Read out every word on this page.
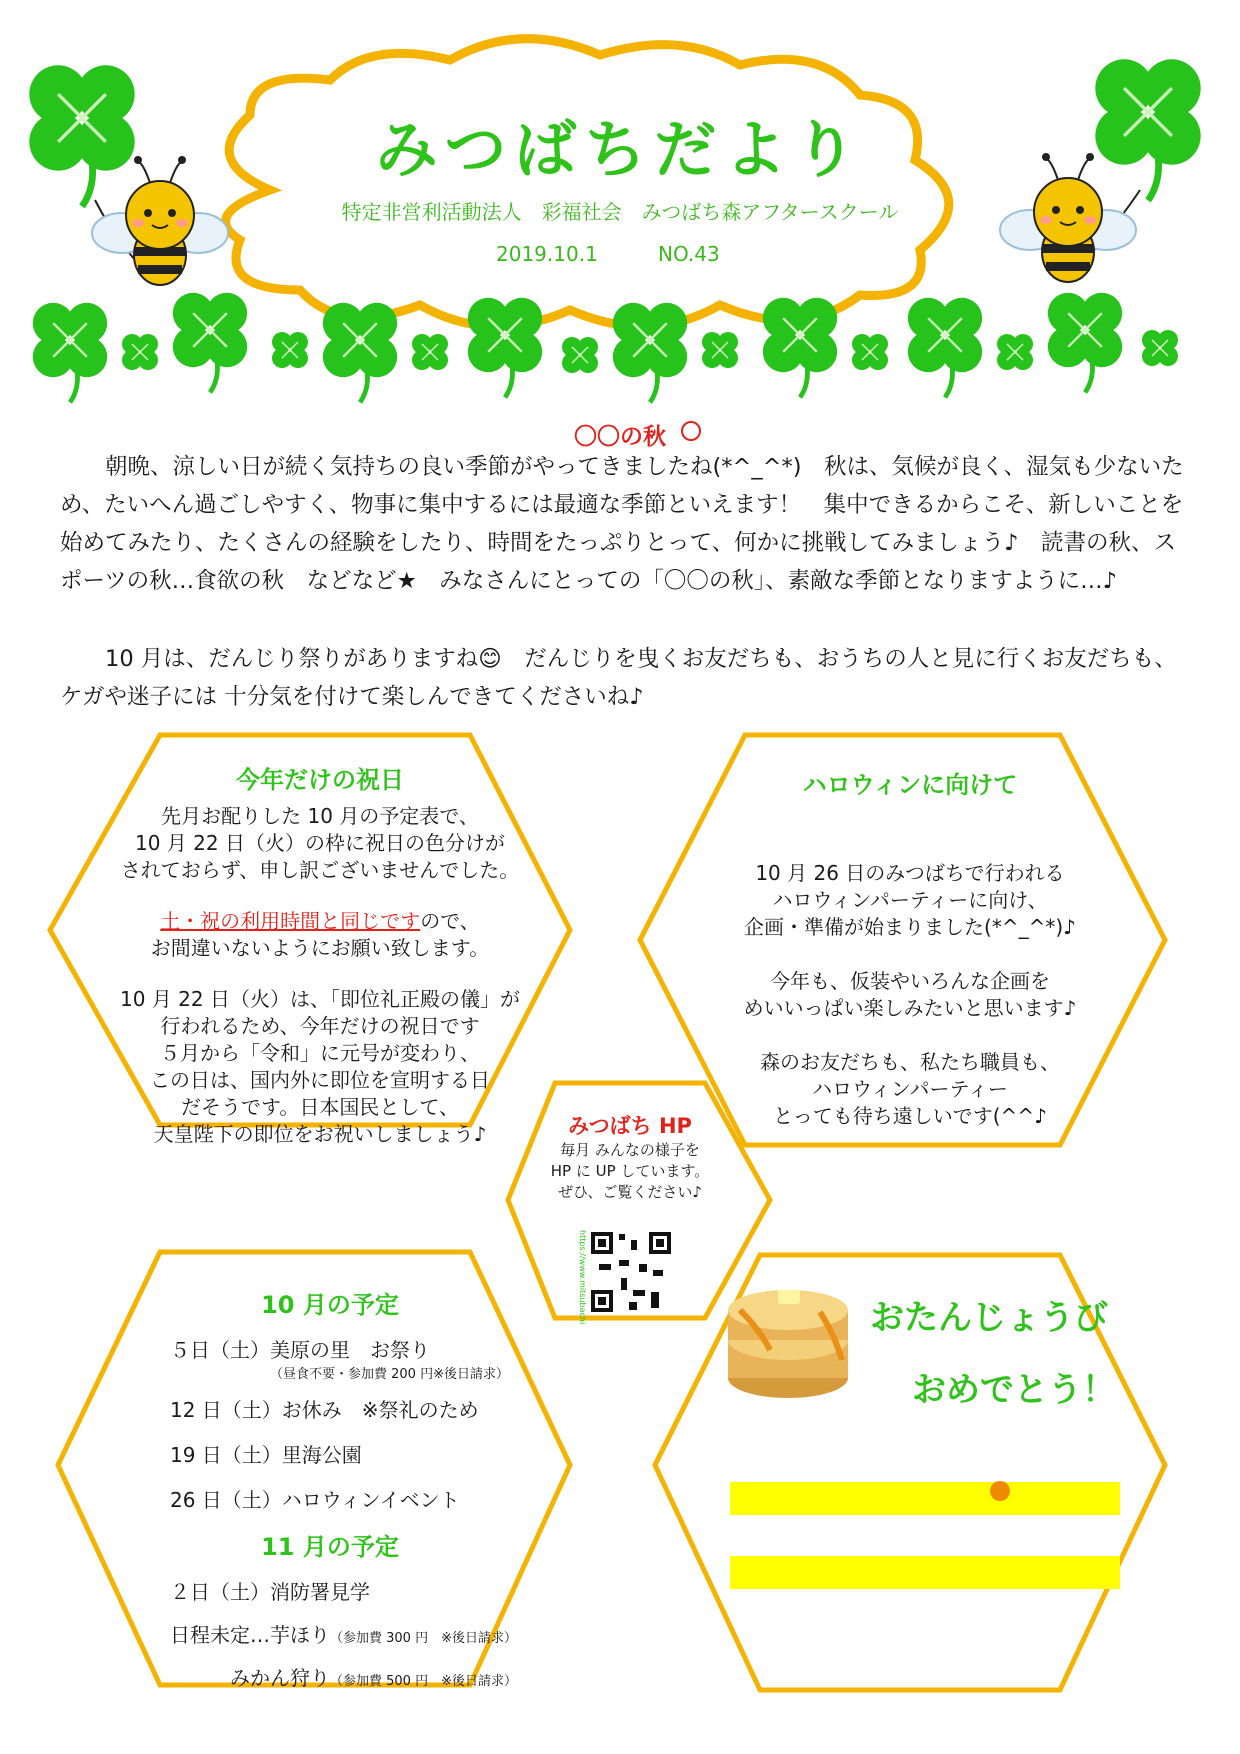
みつばちだより
特定非営利活動法人　彩福社会　みつばち森アフタースクール
2019.10.1	NO.43
〇〇の秋

朝晩、涼しい日が続く気持ちの良い季節がやってきましたね(*^_^*)　秋は、気候が良く、湿気も少ないため、たいへん過ごしやすく、物事に集中するには最適な季節といえます！　集中できるからこそ、新しいことを始めてみたり、たくさんの経験をしたり、時間をたっぷりとって、何かに挑戦してみましょう♪　読書の秋、スポーツの秋…食欲の秋　などなど★　みなさんにとっての「〇〇の秋」、素敵な季節となりますように…♪

10 月は、だんじり祭りがありますね😊　だんじりを曳くお友だちも、おうちの人と見に行くお友だちも、ケガや迷子には 十分気を付けて楽しんできてくださいね♪

今年だけの祝日

先月お配りした 10 月の予定表で、

10 月 22 日（火）の枠に祝日の色分けが

されておらず、申し訳ございませんでした。

土・祝の利用時間と同じですので、

お間違いないようにお願い致します。

10 月 22 日（火）は、「即位礼正殿の儀」が

行われるため、今年だけの祝日です

５月から「令和」に元号が変わり、

この日は、国内外に即位を宣明する日

だそうです。日本国民として、

天皇陛下の即位をお祝いしましょう♪

ハロウィンに向けて

10 月 26 日のみつばちで行われる

ハロウィンパーティーに向け、

企画・準備が始まりました(*^_^*)♪

今年も、仮装やいろんな企画を

めいいっぱい楽しみたいと思います♪

森のお友だちも、私たち職員も、

ハロウィンパーティー

とっても待ち遠しいです(^^♪

みつばち HP

毎月 みんなの様子を

HP に UP しています。

ぜひ、ご覧ください♪

https://www.mitsubachi
10 月の予定
５日（土）美原の里　お祭り
（昼食不要・参加費 200 円※後日請求）
12 日（土）お休み　※祭礼のため
19 日（土）里海公園
26 日（土）ハロウィンイベント
11 月の予定
２日（土）消防署見学
日程未定…芋ほり（参加費 300 円　※後日請求）
みかん狩り（参加費 500 円　※後日請求）
おたんじょうび
おめでとう！
